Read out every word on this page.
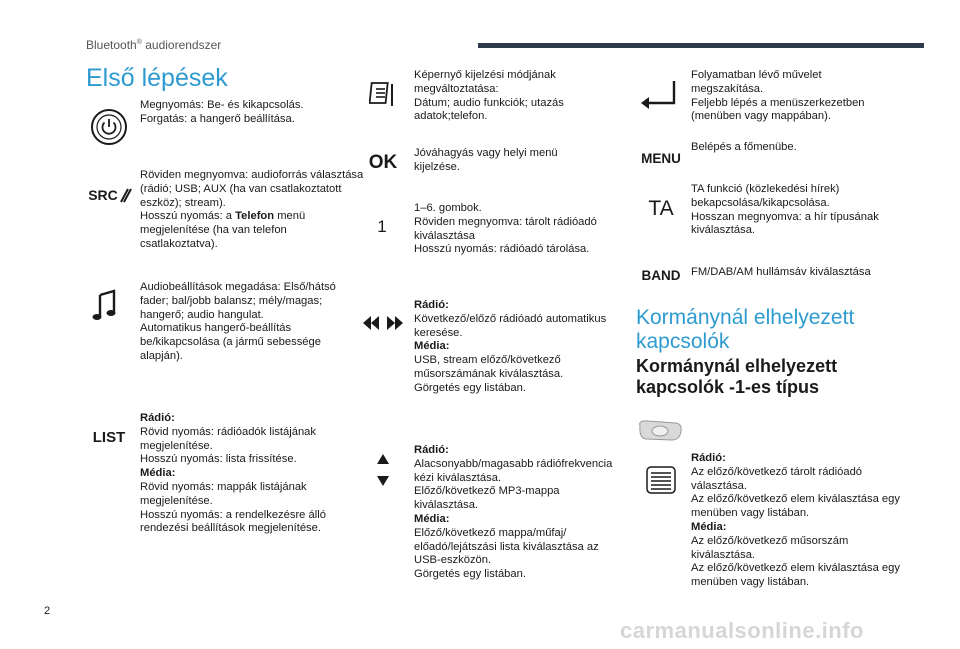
Bluetooth® audiorendszer
Első lépések
Megnyomás: Be- és kikapcsolás.
Forgatás: a hangerő beállítása.
SRC
Röviden megnyomva: audioforrás választása (rádió; USB; AUX (ha van csatlakoztatott eszköz); stream).
Hosszú nyomás: a Telefon menü megjelenítése (ha van telefon csatlakoztatva).
Audiobeállítások megadása: Első/hátsó fader; bal/jobb balansz; mély/magas; hangerő; audio hangulat.
Automatikus hangerő-beállítás be/kikapcsolása (a jármű sebessége alapján).
LIST
Rádió:
Rövid nyomás: rádióadók listájának megjelenítése.
Hosszú nyomás: lista frissítése.
Média:
Rövid nyomás: mappák listájának megjelenítése.
Hosszú nyomás: a rendelkezésre álló rendezési beállítások megjelenítése.
Képernyő kijelzési módjának megváltoztatása:
Dátum; audio funkciók; utazás adatok;telefon.
OK Jóváhagyás vagy helyi menü kijelzése.
1
1–6. gombok.
Röviden megnyomva: tárolt rádióadó kiválasztása
Hosszú nyomás: rádióadó tárolása.
Rádió:
Következő/előző rádióadó automatikus keresése.
Média:
USB, stream előző/következő műsorszámának kiválasztása.
Görgetés egy listában.
Rádió:
Alacsonyabb/magasabb rádiófrekvencia kézi kiválasztása.
Előző/következő MP3-mappa kiválasztása.
Média:
Előző/következő mappa/műfaj/ előadó/lejátszási lista kiválasztása az USB-eszközön.
Görgetés egy listában.
Folyamatban lévő művelet megszakítása.
Feljebb lépés a menüszerkezetben (menüben vagy mappában).
MENU
Belépés a főmenübe.
TA
TA funkció (közlekedési hírek) bekapcsolása/kikapcsolása.
Hosszan megnyomva: a hír típusának kiválasztása.
BAND FM/DAB/AM hullámsáv kiválasztása
Kormánynál elhelyezett kapcsolók
Kormánynál elhelyezett kapcsolók -1-es típus
Rádió:
Az előző/következő tárolt rádióadó választása.
Az előző/következő elem kiválasztása egy menüben vagy listában.
Média:
Az előző/következő műsorszám kiválasztása.
Az előző/következő elem kiválasztása egy menüben vagy listában.
2
carmanualsonline.info
